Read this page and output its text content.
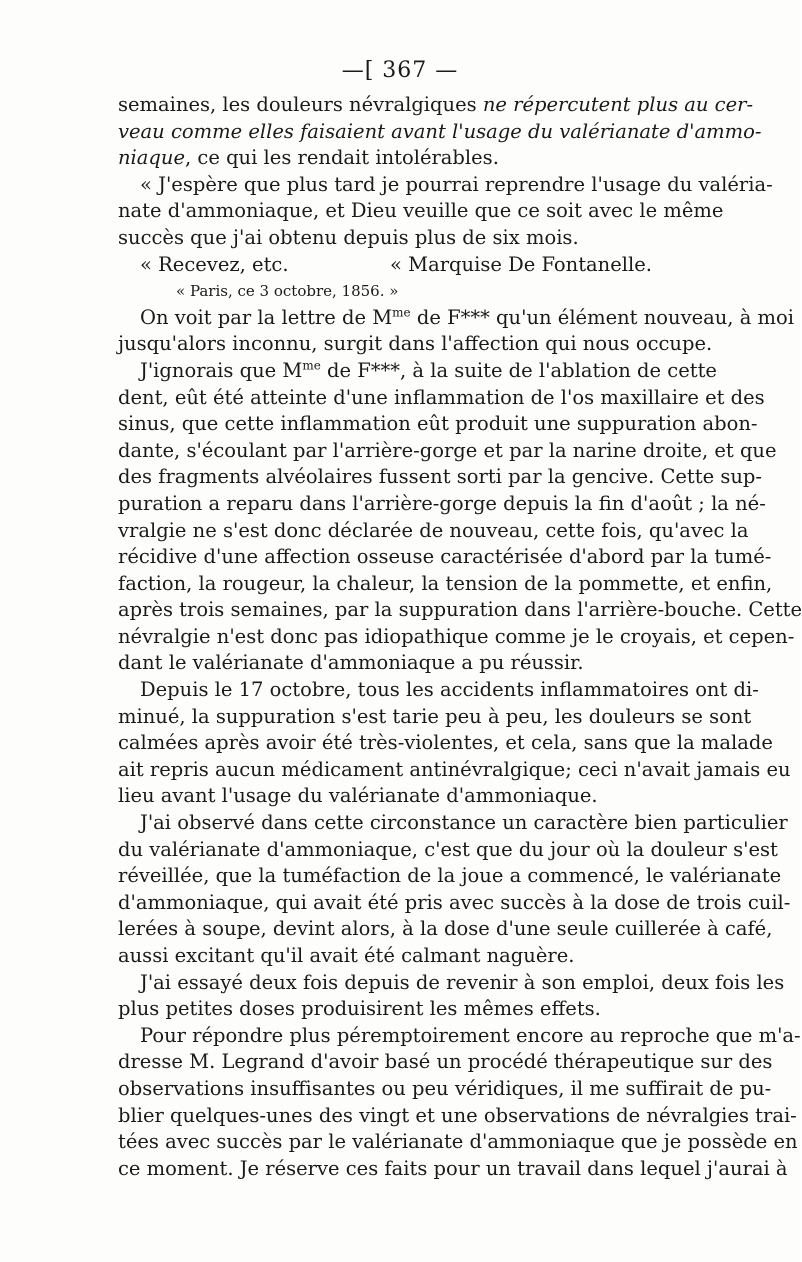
—[ 367 —
semaines, les douleurs névralgiques ne répercutent plus au cer-
veau comme elles faisaient avant l'usage du valérianate d'ammo-
niaque, ce qui les rendait intolérables.
« J'espère que plus tard je pourrai reprendre l'usage du valéria-
nate d'ammoniaque, et Dieu veuille que ce soit avec le même
succès que j'ai obtenu depuis plus de six mois.
« Recevez, etc.	« Marquise De Fontanelle.
« Paris, ce 3 octobre, 1856. »
On voit par la lettre de $M^{me}$ de F*** qu'un élément nouveau, à moi
jusqu'alors inconnu, surgit dans l'affection qui nous occupe.
J'ignorais que $M^{me}$ de F***, à la suite de l'ablation de cette
dent, eût été atteinte d'une inflammation de l'os maxillaire et des
sinus, que cette inflammation eût produit une suppuration abon-
dante, s'écoulant par l'arrière-gorge et par la narine droite, et que
des fragments alvéolaires fussent sorti par la gencive. Cette sup-
puration a reparu dans l'arrière-gorge depuis la fin d'août ; la né-
vralgie ne s'est donc déclarée de nouveau, cette fois, qu'avec la
récidive d'une affection osseuse caractérisée d'abord par la tumé-
faction, la rougeur, la chaleur, la tension de la pommette, et enfin,
après trois semaines, par la suppuration dans l'arrière-bouche. Cette
névralgie n'est donc pas idiopathique comme je le croyais, et cepen-
dant le valérianate d'ammoniaque a pu réussir.
Depuis le 17 octobre, tous les accidents inflammatoires ont di-
minué, la suppuration s'est tarie peu à peu, les douleurs se sont
calmées après avoir été très-violentes, et cela, sans que la malade
ait repris aucun médicament antinévralgique; ceci n'avait jamais eu
lieu avant l'usage du valérianate d'ammoniaque.
J'ai observé dans cette circonstance un caractère bien particulier
du valérianate d'ammoniaque, c'est que du jour où la douleur s'est
réveillée, que la tuméfaction de la joue a commencé, le valérianate
d'ammoniaque, qui avait été pris avec succès à la dose de trois cuil-
lerées à soupe, devint alors, à la dose d'une seule cuillerée à café,
aussi excitant qu'il avait été calmant naguère.
J'ai essayé deux fois depuis de revenir à son emploi, deux fois les
plus petites doses produisirent les mêmes effets.
Pour répondre plus péremptoirement encore au reproche que m'a-
dresse M. Legrand d'avoir basé un procédé thérapeutique sur des
observations insuffisantes ou peu véridiques, il me suffirait de pu-
blier quelques-unes des vingt et une observations de névralgies trai-
tées avec succès par le valérianate d'ammoniaque que je possède en
ce moment. Je réserve ces faits pour un travail dans lequel j'aurai à
